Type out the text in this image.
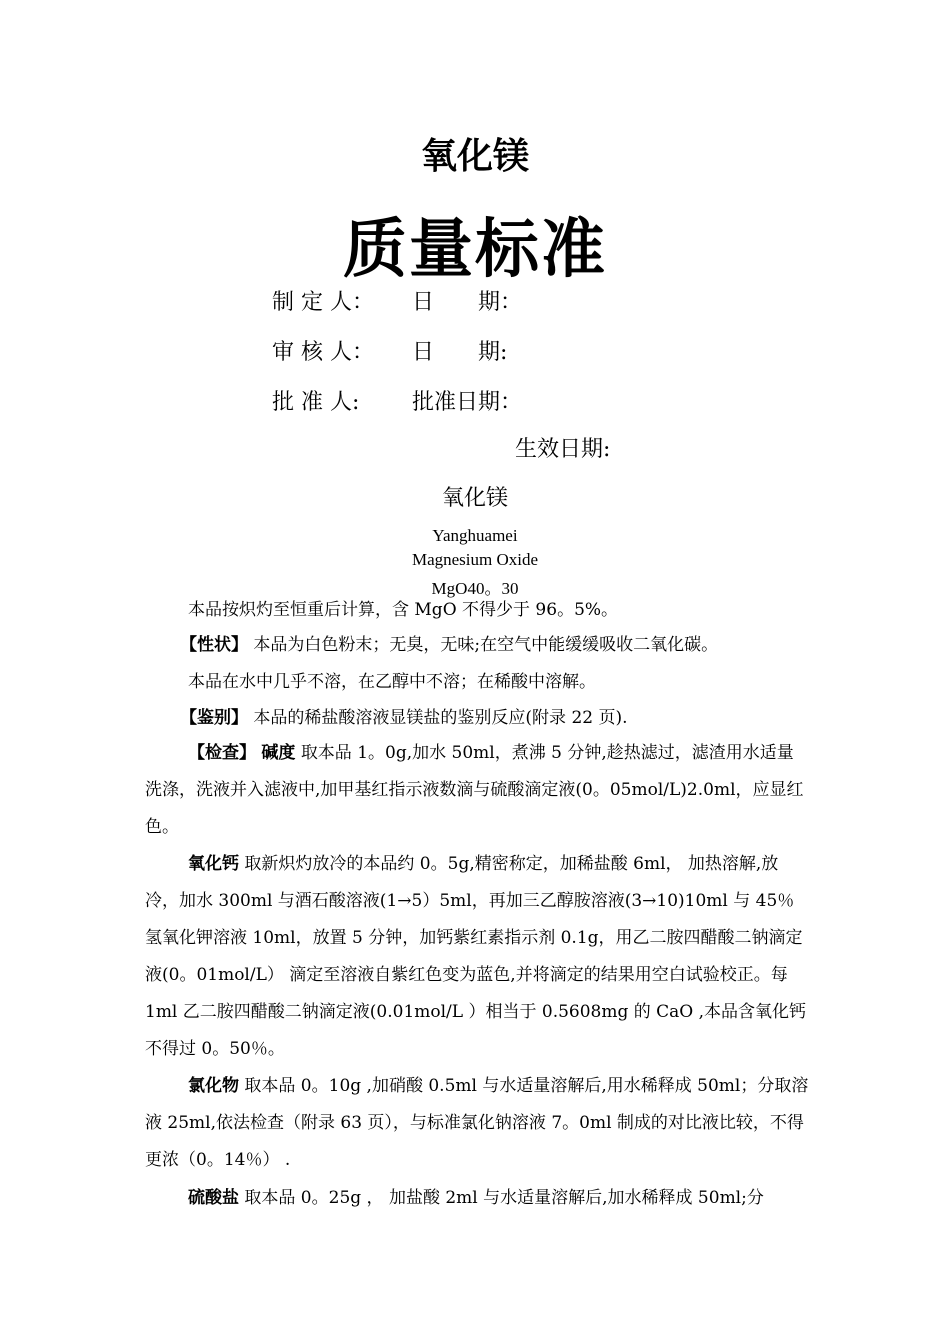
氧化镁
质量标准
制 定 人： 日　　期：
审 核 人： 日　　期:
批 准 人: 批准日期：
生效日期:
氧化镁
Yanghuamei
Magnesium Oxide
MgO40。30
本品按炽灼至恒重后计算，含 MgO 不得少于 96。5%。
【性状】 本品为白色粉末；无臭，无味;在空气中能缓缓吸收二氧化碳。
本品在水中几乎不溶，在乙醇中不溶；在稀酸中溶解。
【鉴别】 本品的稀盐酸溶液显镁盐的鉴别反应(附录 22 页).
【检查】 碱度 取本品 1。0g,加水 50ml，煮沸 5 分钟,趁热滤过，滤渣用水适量洗涤，洗液并入滤液中,加甲基红指示液数滴与硫酸滴定液(0。05mol/L)2.0ml，应显红色。
氧化钙 取新炽灼放冷的本品约 0。5g,精密称定，加稀盐酸 6ml， 加热溶解,放冷，加水 300ml 与酒石酸溶液(1→5）5ml，再加三乙醇胺溶液(3→10)10ml 与 45％氢氧化钾溶液 10ml，放置 5 分钟，加钙紫红素指示剂 0.1g，用乙二胺四醋酸二钠滴定液(0。01mol/L） 滴定至溶液自紫红色变为蓝色,并将滴定的结果用空白试验校正。每 1ml 乙二胺四醋酸二钠滴定液(0.01mol/L ）相当于 0.5608mg 的 CaO ,本品含氧化钙不得过 0。50％。
氯化物 取本品 0。10g ,加硝酸 0.5ml 与水适量溶解后,用水稀释成 50ml；分取溶液 25ml,依法检查（附录 63 页），与标准氯化钠溶液 7。0ml 制成的对比液比较，不得更浓（0。14％） .
硫酸盐 取本品 0。25g ， 加盐酸 2ml 与水适量溶解后,加水稀释成 50ml;分
